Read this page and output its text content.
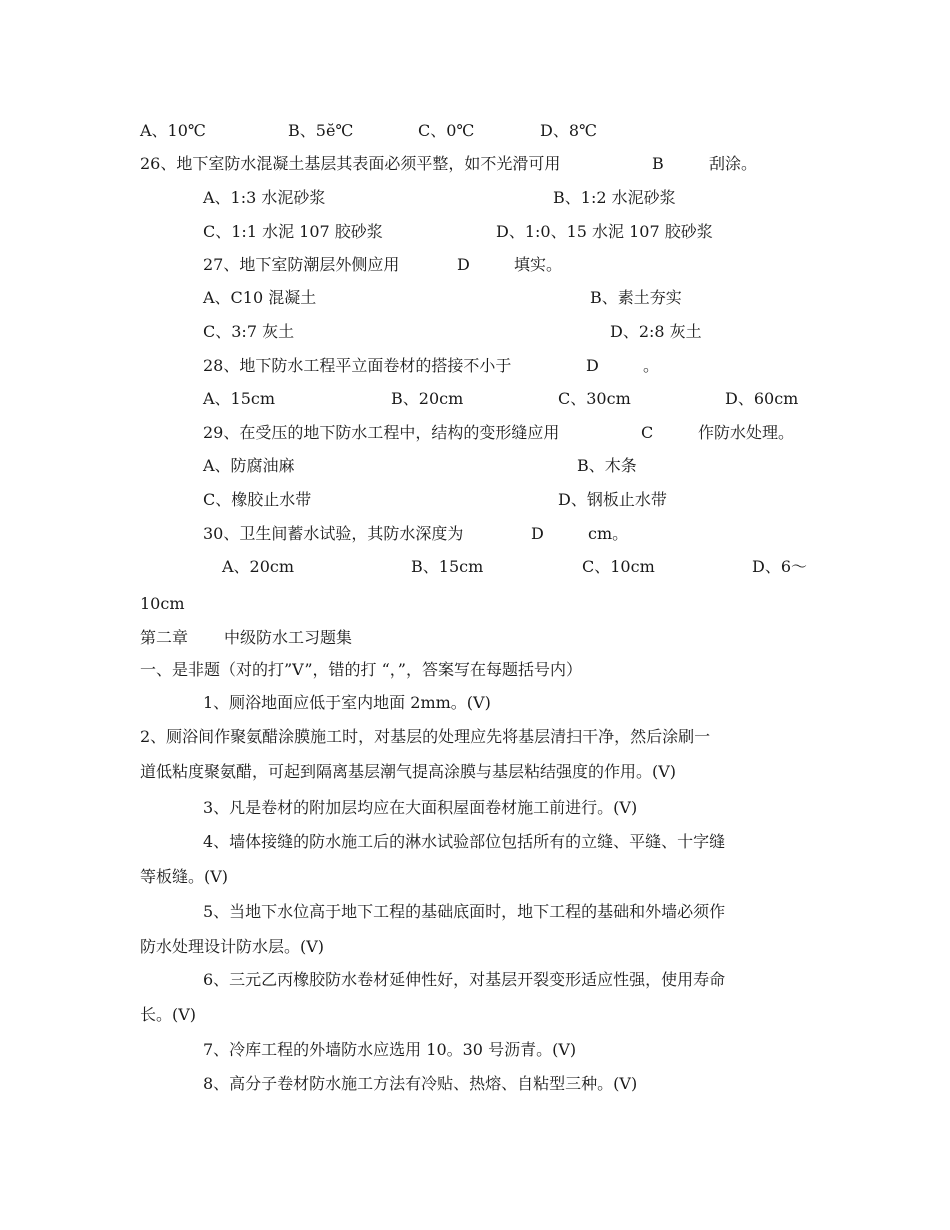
A、10℃	B、5ĕ℃	C、0℃	D、8℃
26、地下室防水混凝土基层其表面必须平整，如不光滑可用	B	刮涂。
A、1:3 水泥砂浆	B、1:2 水泥砂浆
C、1:1 水泥 107 胶砂浆	D、1:0、15 水泥 107 胶砂浆
27、地下室防潮层外侧应用	D	填实。
A、C10 混凝土	B、素土夯实
C、3:7 灰土	D、2:8 灰土
28、地下防水工程平立面卷材的搭接不小于	D	。
A、15cm	B、20cm	C、30cm	D、60cm
29、在受压的地下防水工程中，结构的变形缝应用	C	作防水处理。
A、防腐油麻	B、木条
C、橡胶止水带	D、钢板止水带
30、卫生间蓄水试验，其防水深度为	D	cm。
A、20cm	B、15cm	C、10cm	D、6～
10cm
第二章 中级防水工习题集
一、是非题（对的打”V”，错的打 “，”，答案写在每题括号内）
1、厕浴地面应低于室内地面 2mm。(V)
2、厕浴间作聚氨醋涂膜施工时，对基层的处理应先将基层清扫干净，然后涂刷一
道低粘度聚氨醋，可起到隔离基层潮气提高涂膜与基层粘结强度的作用。(V)
3、凡是卷材的附加层均应在大面积屋面卷材施工前进行。(V)
4、墙体接缝的防水施工后的淋水试验部位包括所有的立缝、平缝、十字缝
等板缝。(V)
5、当地下水位高于地下工程的基础底面时，地下工程的基础和外墙必须作
防水处理设计防水层。(V)
6、三元乙丙橡胶防水卷材延伸性好，对基层开裂变形适应性强，使用寿命
长。(V)
7、冷库工程的外墙防水应选用 10。30 号沥青。(V)
8、高分子卷材防水施工方法有冷贴、热熔、自粘型三种。(V)
